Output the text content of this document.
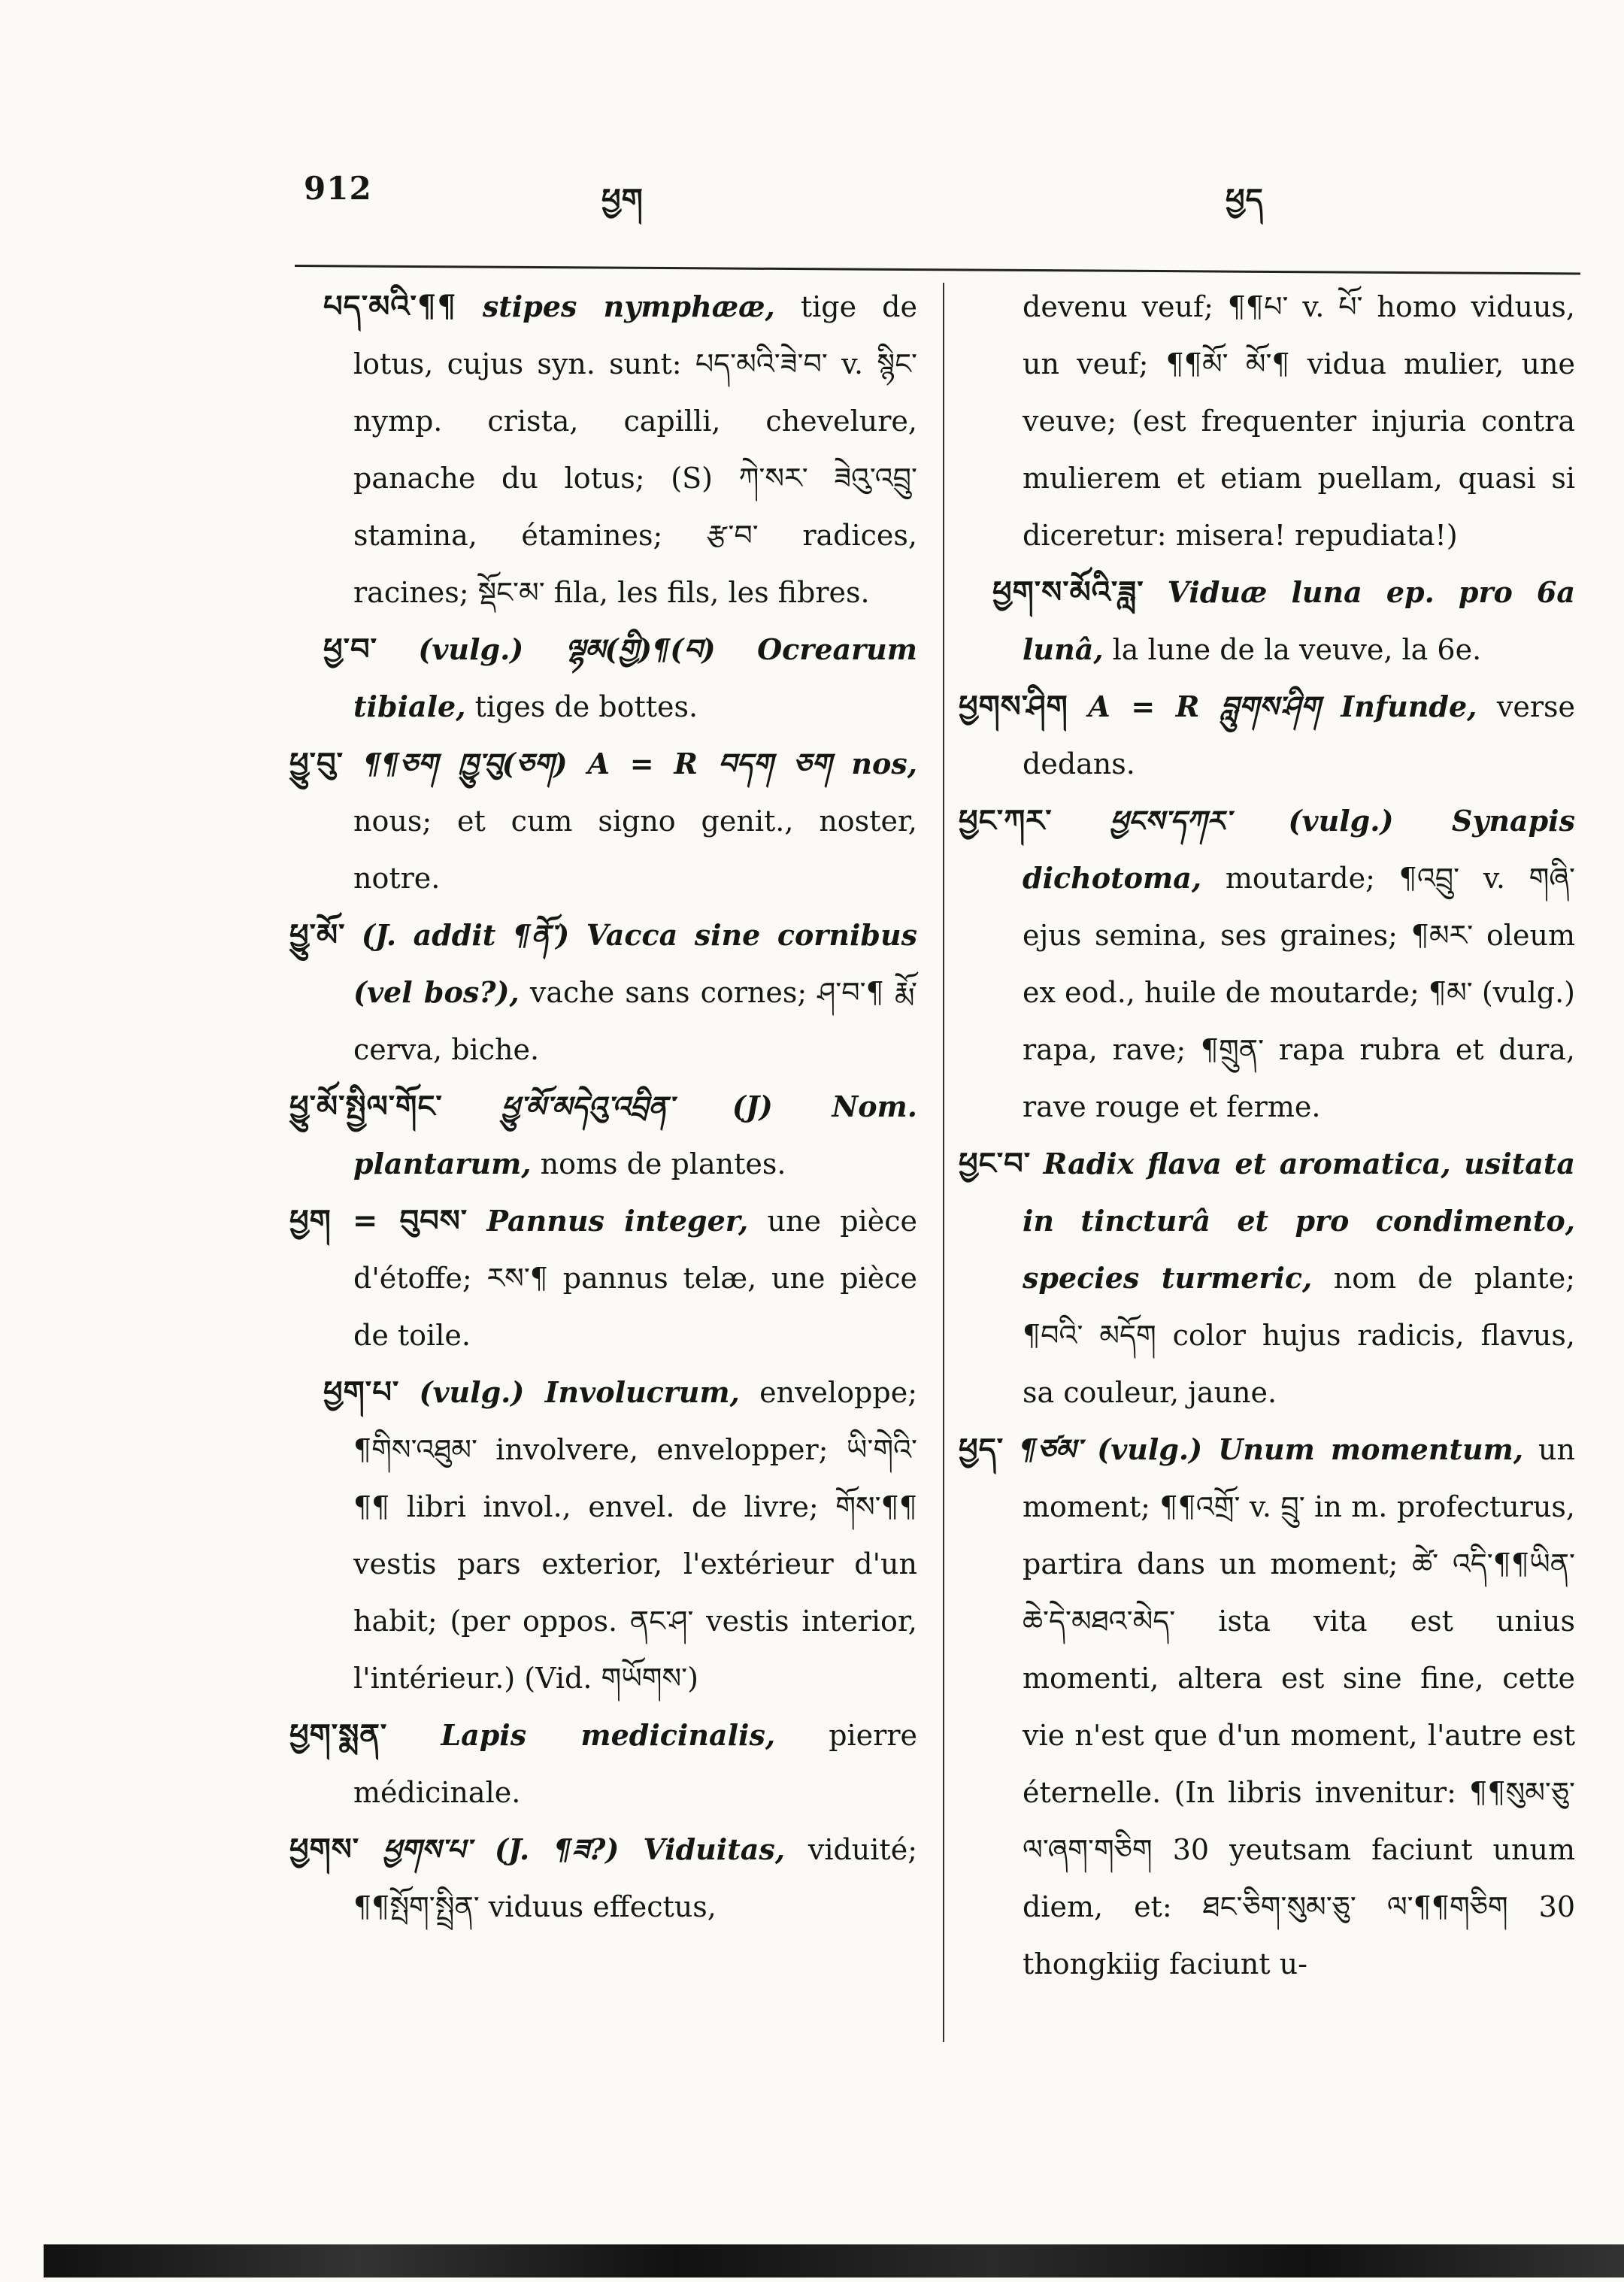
912	ཕྱག	ཕྱད

པད་མའི་¶¶ stipes nymphææ, tige de lotus, cujus syn. sunt: པད་མའི་ཟེ་བ་ v. སྙིང་nymp. crista, capilli, chevelure, panache du lotus; (S) ཀེ་སར་ ཟེའུ་འབྲུ་ stamina, étamines; རྩ་བ་ radices, racines; སྡོང་མ་ fila, les fils, les fibres.

ཕྱ་བ་ (vulg.) ལྷམ(གྱི)¶(བ) Ocrearum tibiale, tiges de bottes.

ཕྱུ་བུ་ ¶¶ཅག ཁྱུ་བུ(ཅག) A = R བདག ཅག nos, nous; et cum signo genit., noster, notre.

ཕྱུ་མོ་ (J. addit ¶ནོ་) Vacca sine cornibus (vel bos?), vache sans cornes; ཤ་བ་¶ རྨོ་ cerva, biche.

ཕྱུ་མོ་སྤྱིལ་གོང་ ཕྱུ་མོ་མདེའུ་འབྲིན་ (J) Nom. plantarum, noms de plantes.

ཕྱག = བུབས་ Pannus integer, une pièce d'étoffe; རས་¶ pannus telæ, une pièce de toile.

ཕྱག་པ་ (vulg.) Involucrum, enveloppe; ¶གིས་འཐུམ་ involvere, envelopper; ཡི་གེའི་¶¶ libri invol., envel. de livre; གོས་¶¶ vestis pars exterior, l'extérieur d'un habit; (per oppos. ནང་ཤ་ vestis interior, l'intérieur.) (Vid. གཡོགས་)

ཕྱག་སྨན་ Lapis medicinalis, pierre médicinale.

ཕྱགས་ ཕྱགས་པ་ (J. ¶ཟ?) Viduitas, viduité; ¶¶སྤོག་སྤྲིན་ viduus effectus,

devenu veuf; ¶¶པ་ v. པོ་ homo viduus, un veuf; ¶¶མོ་ མོ་¶ vidua mulier, une veuve; (est frequenter injuria contra mulierem et etiam puellam, quasi si diceretur: misera! repudiata!)

ཕྱག་ས་མོའི་ཟླ་ Viduæ luna ep. pro 6a lunâ, la lune de la veuve, la 6e.

ཕྱགས་ཤིག A = R བླུགས་ཤིག Infunde, verse dedans.

ཕྱང་ཀར་ ཕྱངས་དཀར་ (vulg.) Synapis dichotoma, moutarde; ¶འབྲུ་ v. གཞི་ ejus semina, ses graines; ¶མར་ oleum ex eod., huile de moutarde; ¶མ་ (vulg.) rapa, rave; ¶གྲུན་ rapa rubra et dura, rave rouge et ferme.

ཕྱང་བ་ Radix flava et aromatica, usitata in tincturâ et pro condimento, species turmeric, nom de plante; ¶བའི་ མདོག color hujus radicis, flavus, sa couleur, jaune.

ཕྱད་ ¶ཙམ་ (vulg.) Unum momentum, un moment; ¶¶འགྲོ་ v. བྲུ་ in m. profecturus, partira dans un moment; ཚེ་ འདི་¶¶ཡིན་ཆེ་དེ་མཐའ་མེད་ ista vita est unius momenti, altera est sine fine, cette vie n'est que d'un moment, l'autre est éternelle. (In libris invenitur: ¶¶སུམ་ཅུ་ལ་ཞག་གཅིག 30 yeutsam faciunt unum diem, et: ཐང་ཅིག་སུམ་ཅུ་ ལ་¶¶གཅིག 30 thongkiig faciunt u-
